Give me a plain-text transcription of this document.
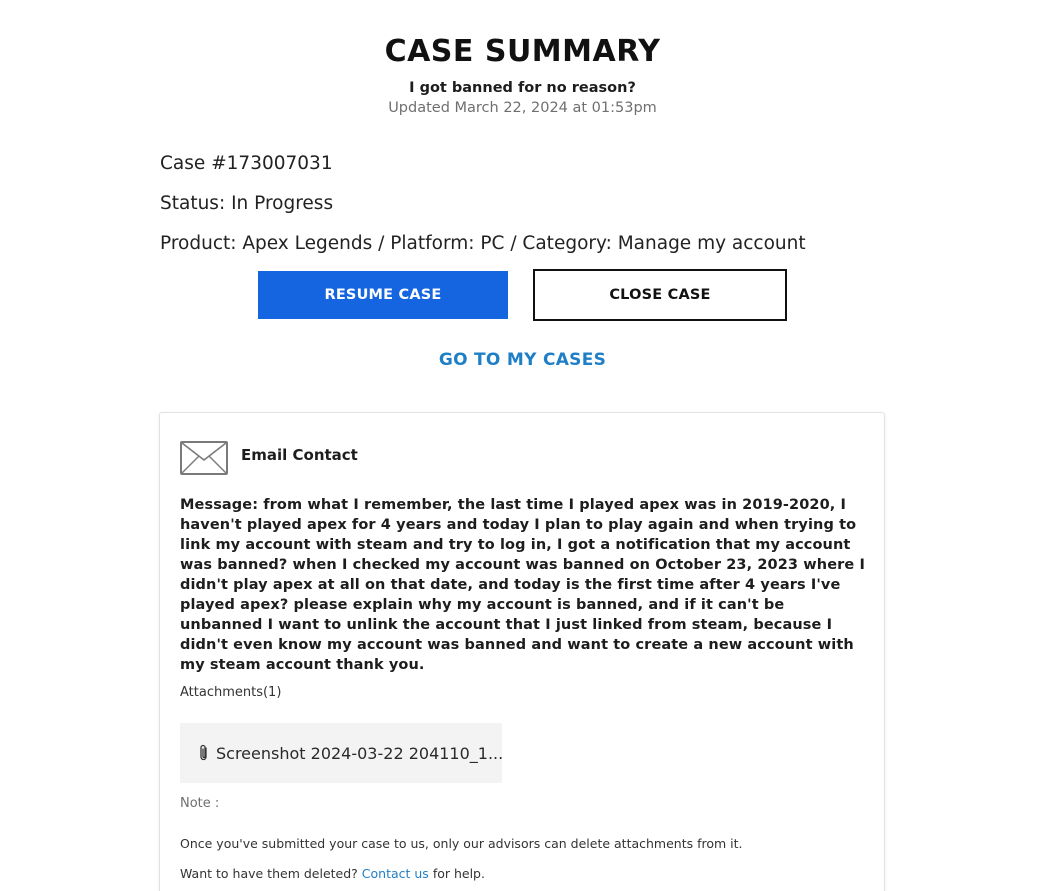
CASE SUMMARY
I got banned for no reason?
Updated March 22, 2024 at 01:53pm
Case #173007031
Status: In Progress
Product: Apex Legends / Platform: PC / Category: Manage my account
RESUME CASE	CLOSE CASE
GO TO MY CASES
Email Contact
Message: from what I remember, the last time I played apex was in 2019-2020, I haven't played apex for 4 years and today I plan to play again and when trying to link my account with steam and try to log in, I got a notification that my account was banned? when I checked my account was banned on October 23, 2023 where I didn't play apex at all on that date, and today is the first time after 4 years I've played apex? please explain why my account is banned, and if it can't be unbanned I want to unlink the account that I just linked from steam, because I didn't even know my account was banned and want to create a new account with my steam account thank you.
Attachments(1)
Screenshot 2024-03-22 204110_1...
Note :
Once you've submitted your case to us, only our advisors can delete attachments from it.
Want to have them deleted? Contact us for help.
